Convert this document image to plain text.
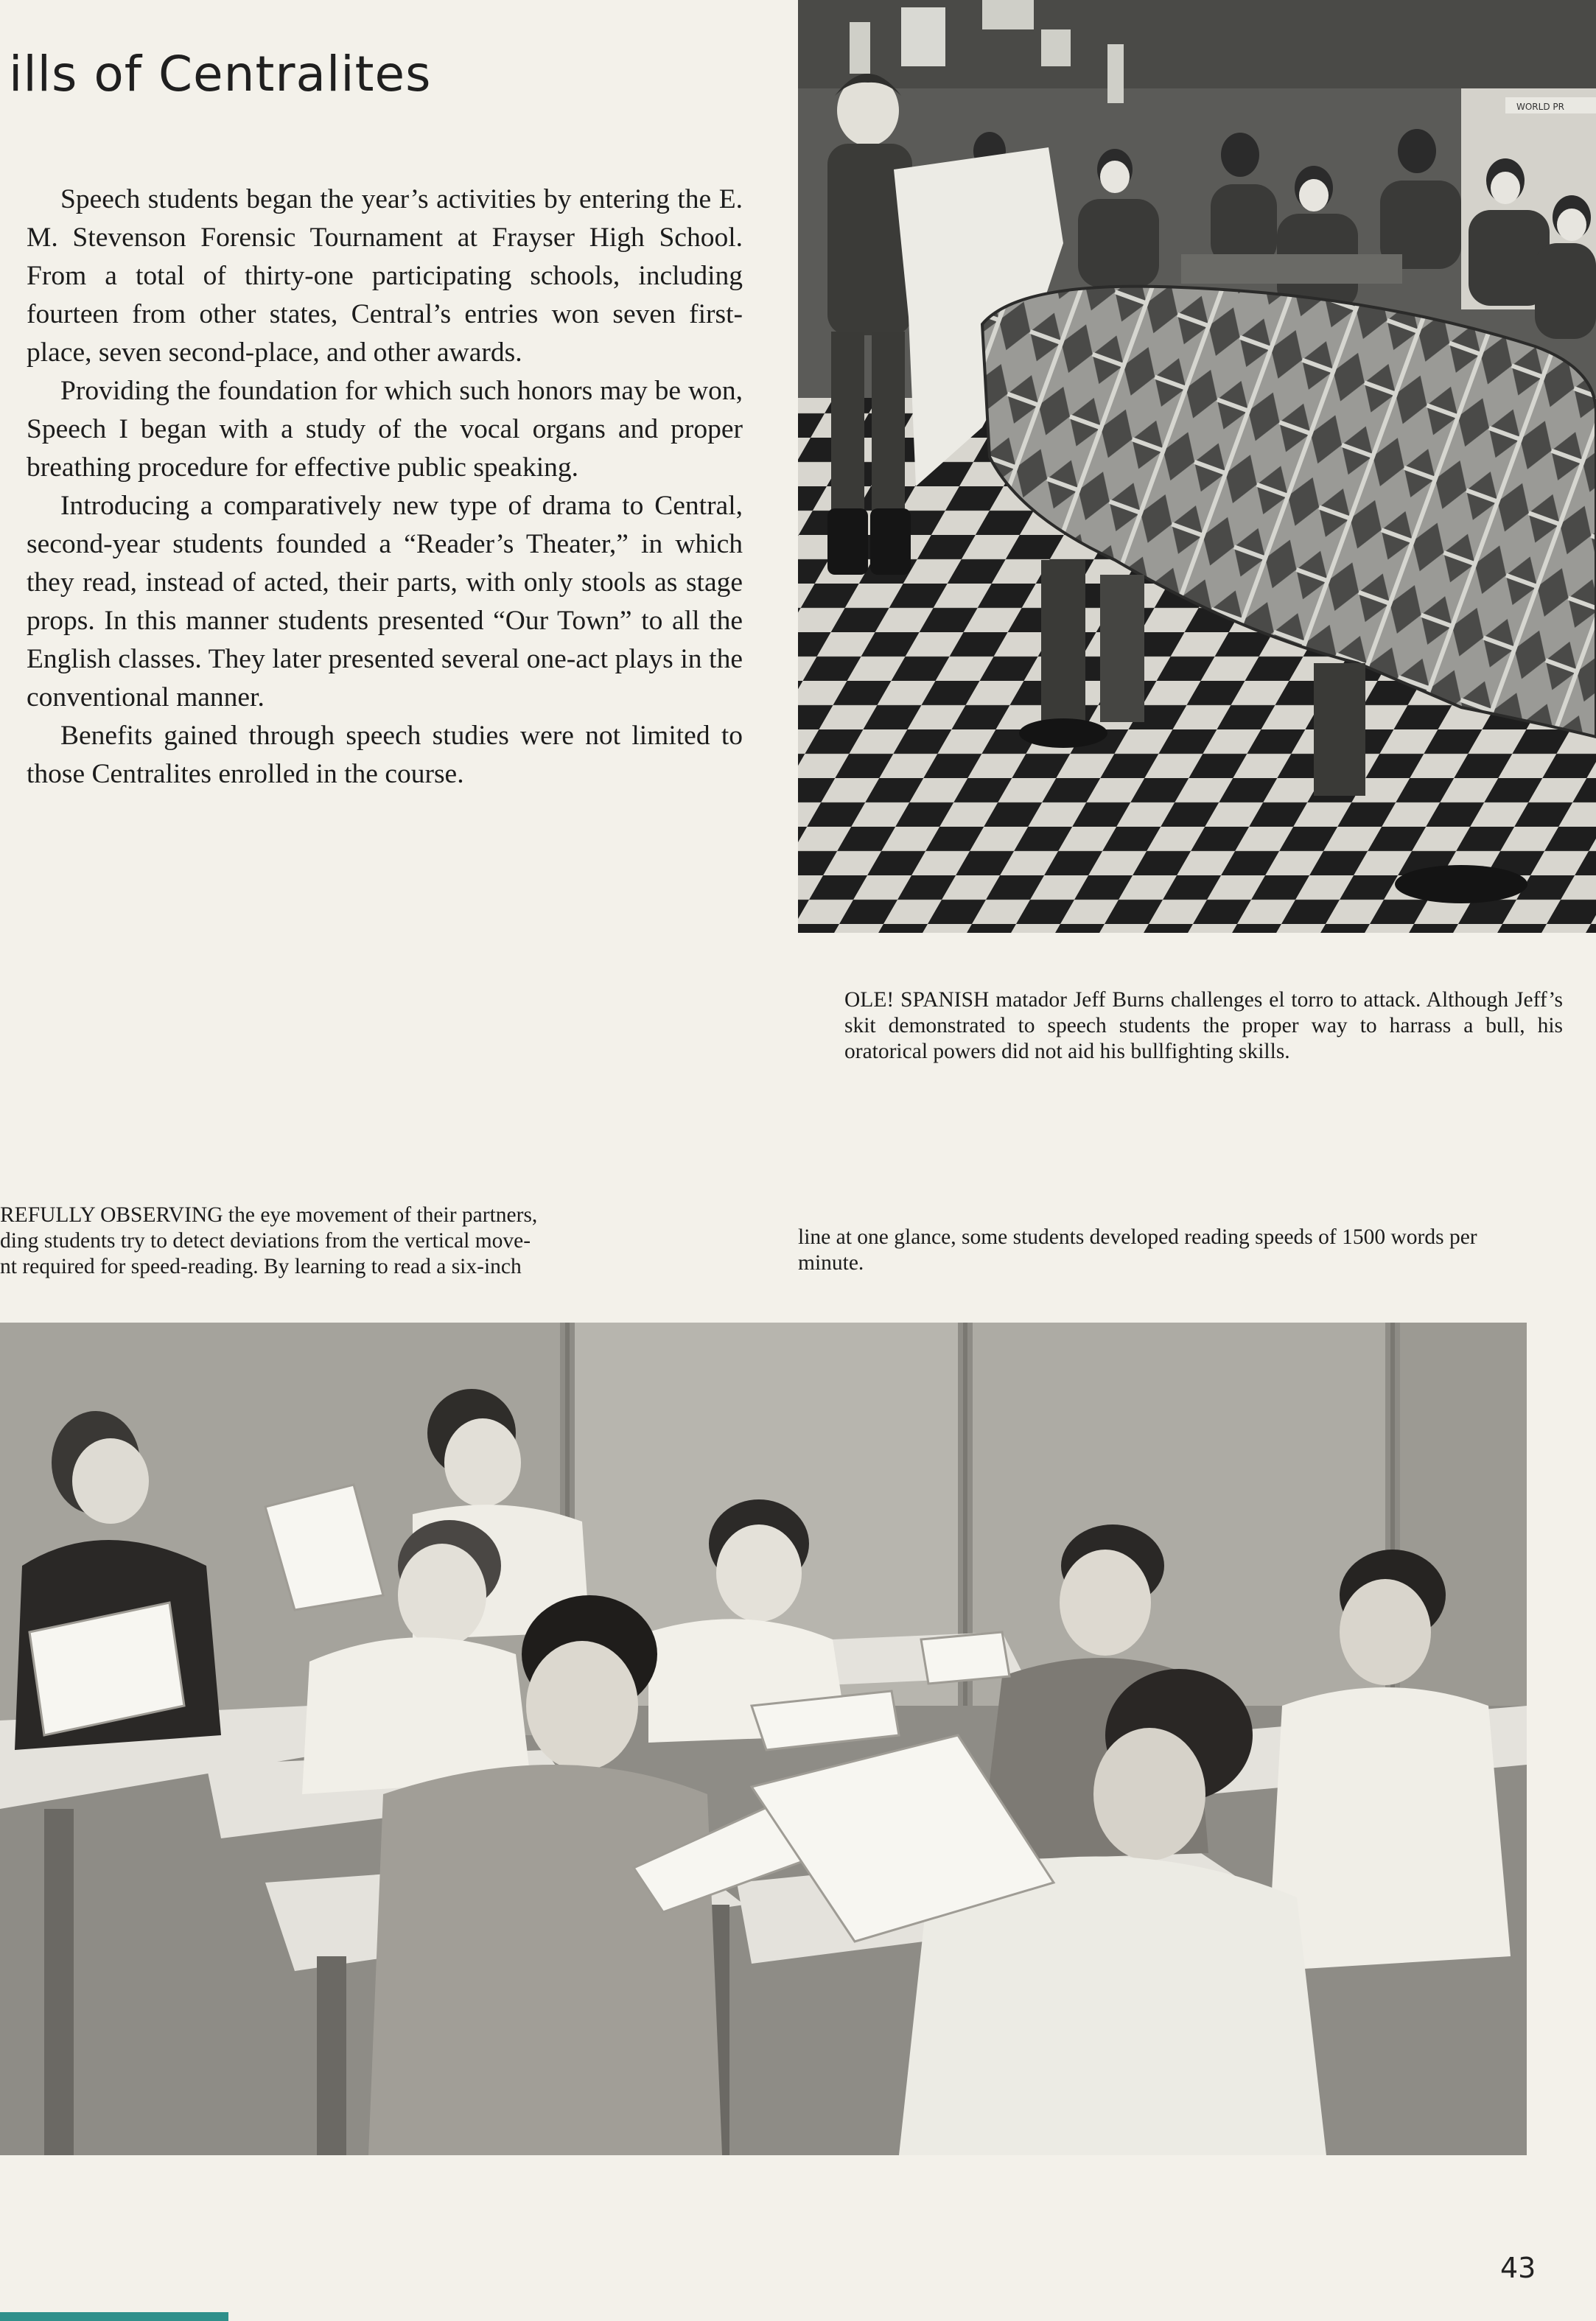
ills of Centralites

Speech students began the year’s activities by entering the E. M. Stevenson Forensic Tournament at Frayser High School. From a total of thirty-one participating schools, including fourteen from other states, Central’s entries won seven first-place, seven second-place, and other awards.

Providing the foundation for which such honors may be won, Speech I began with a study of the vocal organs and proper breathing procedure for effective public speaking.

Introducing a comparatively new type of drama to Central, second-year students founded a “Reader’s Theater,” in which they read, instead of acted, their parts, with only stools as stage props. In this manner students presented “Our Town” to all the English classes. They later presented several one-act plays in the conventional manner.

Benefits gained through speech studies were not limited to those Centralites enrolled in the course.

WORLD PR

OLE! SPANISH matador Jeff Burns challenges el torro to attack. Although Jeff’s skit demonstrated to speech students the proper way to harrass a bull, his oratorical powers did not aid his bullfighting skills.

REFULLY OBSERVING the eye movement of their partners,
ding students try to detect deviations from the vertical move-
nt required for speed-reading. By learning to read a six-inch

line at one glance, some students developed reading speeds of 1500 words per minute.

43
